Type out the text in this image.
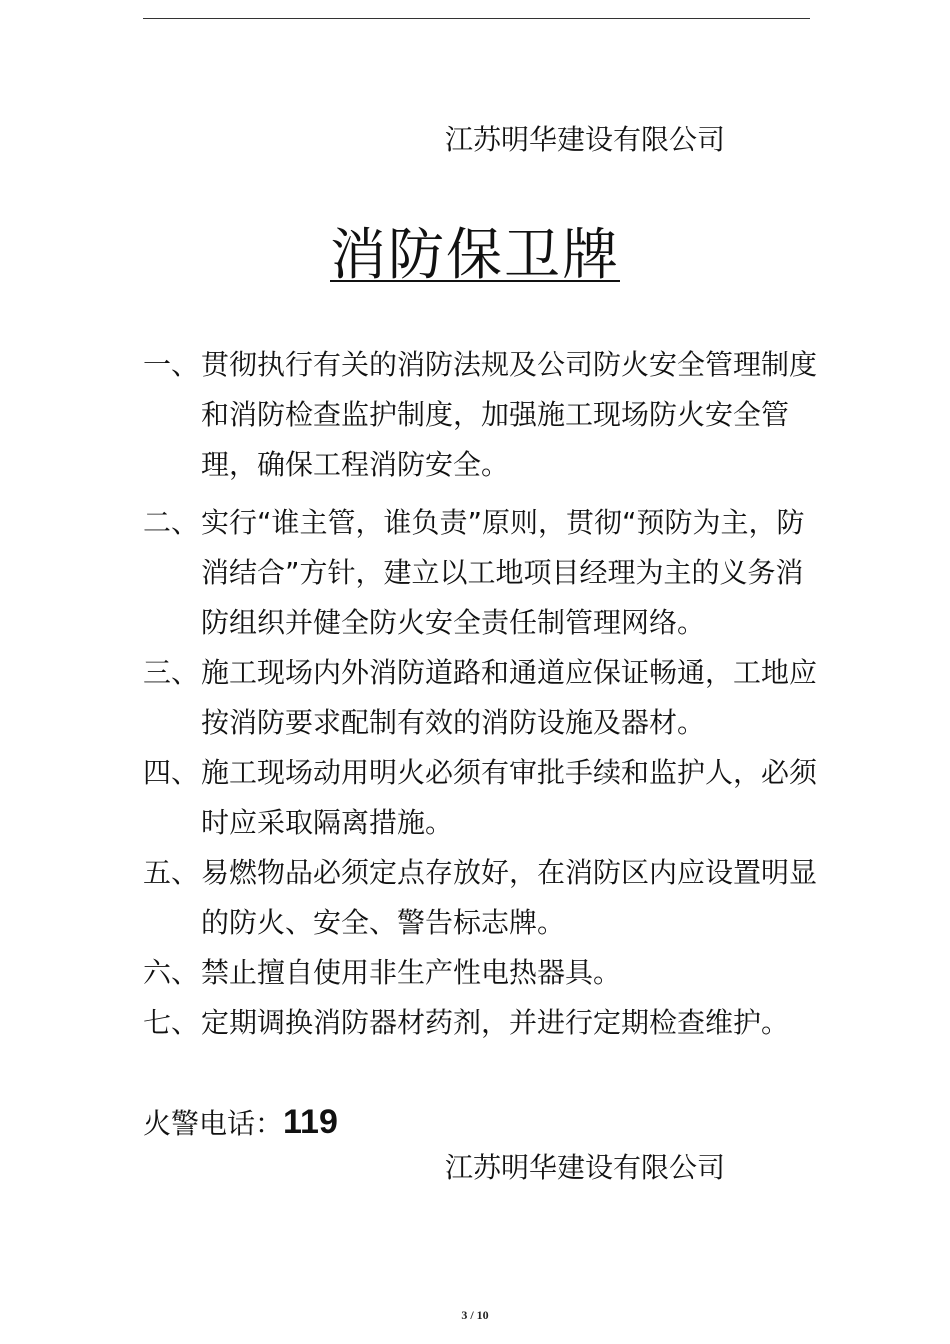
江苏明华建设有限公司
消防保卫牌
一、 贯彻执行有关的消防法规及公司防火安全管理制度和消防检查监护制度，加强施工现场防火安全管理，确保工程消防安全。
二、 实行“谁主管，谁负责”原则，贯彻“预防为主，防消结合”方针，建立以工地项目经理为主的义务消防组织并健全防火安全责任制管理网络。
三、 施工现场内外消防道路和通道应保证畅通，工地应按消防要求配制有效的消防设施及器材。
四、 施工现场动用明火必须有审批手续和监护人，必须时应采取隔离措施。
五、 易燃物品必须定点存放好，在消防区内应设置明显的防火、安全、警告标志牌。
六、 禁止擅自使用非生产性电热器具。
七、 定期调换消防器材药剂，并进行定期检查维护。
火警电话：119
江苏明华建设有限公司
3 / 10
